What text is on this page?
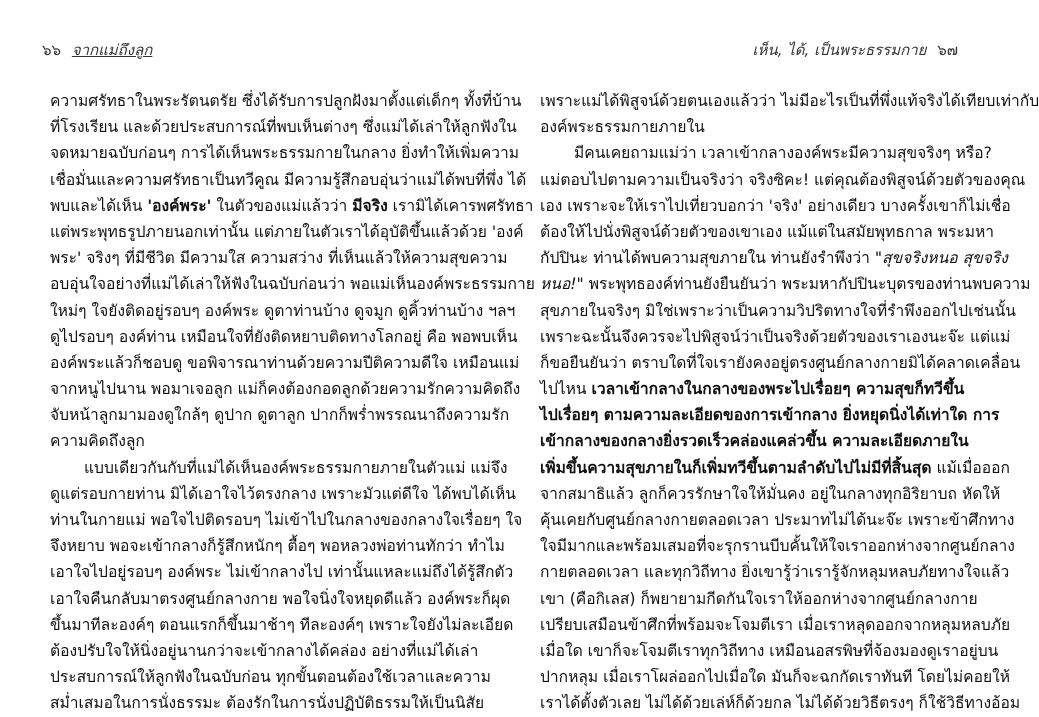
๖๖ จากแม่ถึงลูก
ความศรัทธาในพระรัตนตรัย ซึ่งได้รับการปลูกฝังมาตั้งแต่เด็กๆ ทั้งที่บ้าน
ที่โรงเรียน และด้วยประสบการณ์ที่พบเห็นต่างๆ ซึ่งแม่ได้เล่าให้ลูกฟังใน
จดหมายฉบับก่อนๆ การได้เห็นพระธรรมกายในกลาง ยิ่งทำให้เพิ่มความ
เชื่อมั่นและความศรัทธาเป็นทวีคูณ มีความรู้สึกอบอุ่นว่าแม่ได้พบที่พึ่ง ได้
พบและได้เห็น 'องค์พระ' ในตัวของแม่แล้วว่า มีจริง เรามิได้เคารพศรัทธา
แต่พระพุทธรูปภายนอกเท่านั้น แต่ภายในตัวเราได้อุบัติขึ้นแล้วด้วย 'องค์
พระ' จริงๆ ที่มีชีวิต มีความใส ความสว่าง ที่เห็นแล้วให้ความสุขความ
อบอุ่นใจอย่างที่แม่ได้เล่าให้ฟังในฉบับก่อนว่า พอแม่เห็นองค์พระธรรมกาย
ใหม่ๆ ใจยังติดอยู่รอบๆ องค์พระ ดูตาท่านบ้าง ดูจมูก ดูคิ้วท่านบ้าง ฯลฯ
ดูไปรอบๆ องค์ท่าน เหมือนใจที่ยังติดหยาบติดทางโลกอยู่ คือ พอพบเห็น
องค์พระแล้วก็ชอบดู ขอพิจารณาท่านด้วยความปีติความดีใจ เหมือนแม่
จากหนูไปนาน พอมาเจอลูก แม่ก็คงต้องกอดลูกด้วยความรักความคิดถึง
จับหน้าลูกมามองดูใกล้ๆ ดูปาก ดูตาลูก ปากก็พร่ำพรรณนาถึงความรัก
ความคิดถึงลูก
แบบเดียวกันกับที่แม่ได้เห็นองค์พระธรรมกายภายในตัวแม่ แม่จึง
ดูแต่รอบกายท่าน มิได้เอาใจไว้ตรงกลาง เพราะมัวแต่ดีใจ ได้พบได้เห็น
ท่านในกายแม่ พอใจไปติดรอบๆ ไม่เข้าไปในกลางของกลางใจเรื่อยๆ ใจ
จึงหยาบ พอจะเข้ากลางก็รู้สึกหนักๆ ตื้อๆ พอหลวงพ่อท่านทักว่า ทำไม
เอาใจไปอยู่รอบๆ องค์พระ ไม่เข้ากลางไป เท่านั้นแหละแม่ถึงได้รู้สึกตัว
เอาใจคืนกลับมาตรงศูนย์กลางกาย พอใจนิ่งใจหยุดดีแล้ว องค์พระก็ผุด
ขึ้นมาทีละองค์ๆ ตอนแรกก็ขึ้นมาช้าๆ ทีละองค์ๆ เพราะใจยังไม่ละเอียด
ต้องปรับใจให้นิ่งอยู่นานกว่าจะเข้ากลางได้คล่อง อย่างที่แม่ได้เล่า
ประสบการณ์ให้ลูกฟังในฉบับก่อน ทุกขั้นตอนต้องใช้เวลาและความ
สม่ำเสมอในการนั่งธรรมะ ต้องรักในการนั่งปฏิบัติธรรมให้เป็นนิสัย
เห็น, ได้, เป็นพระธรรมกาย ๖๗
เพราะแม่ได้พิสูจน์ด้วยตนเองแล้วว่า ไม่มีอะไรเป็นที่พึ่งแท้จริงได้เทียบเท่ากับ
องค์พระธรรมกายภายใน
มีคนเคยถามแม่ว่า เวลาเข้ากลางองค์พระมีความสุขจริงๆ หรือ?
แม่ตอบไปตามความเป็นจริงว่า จริงซิคะ! แต่คุณต้องพิสูจน์ด้วยตัวของคุณ
เอง เพราะจะให้เราไปเที่ยวบอกว่า 'จริง' อย่างเดียว บางครั้งเขาก็ไม่เชื่อ
ต้องให้ไปนั่งพิสูจน์ด้วยตัวของเขาเอง แม้แต่ในสมัยพุทธกาล พระมหา
กัปปินะ ท่านได้พบความสุขภายใน ท่านยังรำพึงว่า "สุขจริงหนอ สุขจริง
หนอ!" พระพุทธองค์ท่านยังยืนยันว่า พระมหากัปปินะบุตรของท่านพบความ
สุขภายในจริงๆ มิใช่เพราะว่าเป็นความวิปริตทางใจที่รำพึงออกไปเช่นนั้น
เพราะฉะนั้นจึงควรจะไปพิสูจน์ว่าเป็นจริงด้วยตัวของเราเองนะจ๊ะ แต่แม่
ก็ขอยืนยันว่า ตราบใดที่ใจเรายังคงอยู่ตรงศูนย์กลางกายมิได้คลาดเคลื่อน
ไปไหน เวลาเข้ากลางในกลางของพระไปเรื่อยๆ ความสุขก็ทวีขึ้น
ไปเรื่อยๆ ตามความละเอียดของการเข้ากลาง ยิ่งหยุดนิ่งได้เท่าใด การ
เข้ากลางของกลางยิ่งรวดเร็วคล่องแคล่วขึ้น ความละเอียดภายใน
เพิ่มขึ้นความสุขภายในก็เพิ่มทวีขึ้นตามลำดับไปไม่มีที่สิ้นสุด แม้เมื่อออก
จากสมาธิแล้ว ลูกก็ควรรักษาใจให้มั่นคง อยู่ในกลางทุกอิริยาบถ หัดให้
คุ้นเคยกับศูนย์กลางกายตลอดเวลา ประมาทไม่ได้นะจ๊ะ เพราะข้าศึกทาง
ใจมีมากและพร้อมเสมอที่จะรุกรานบีบคั้นให้ใจเราออกห่างจากศูนย์กลาง
กายตลอดเวลา และทุกวิถีทาง ยิ่งเขารู้ว่าเรารู้จักหลุมหลบภัยทางใจแล้ว
เขา (คือกิเลส) ก็พยายามกีดกันใจเราให้ออกห่างจากศูนย์กลางกาย
เปรียบเสมือนข้าศึกที่พร้อมจะโจมตีเรา เมื่อเราหลุดออกจากหลุมหลบภัย
เมื่อใด เขาก็จะโจมตีเราทุกวิถีทาง เหมือนอสรพิษที่จ้องมองดูเราอยู่บน
ปากหลุม เมื่อเราโผล่ออกไปเมื่อใด มันก็จะฉกกัดเราทันที โดยไม่คอยให้
เราได้ตั้งตัวเลย ไม่ได้ด้วยเล่ห์ก็ด้วยกล ไม่ได้ด้วยวิธีตรงๆ ก็ใช้วิธีทางอ้อม
